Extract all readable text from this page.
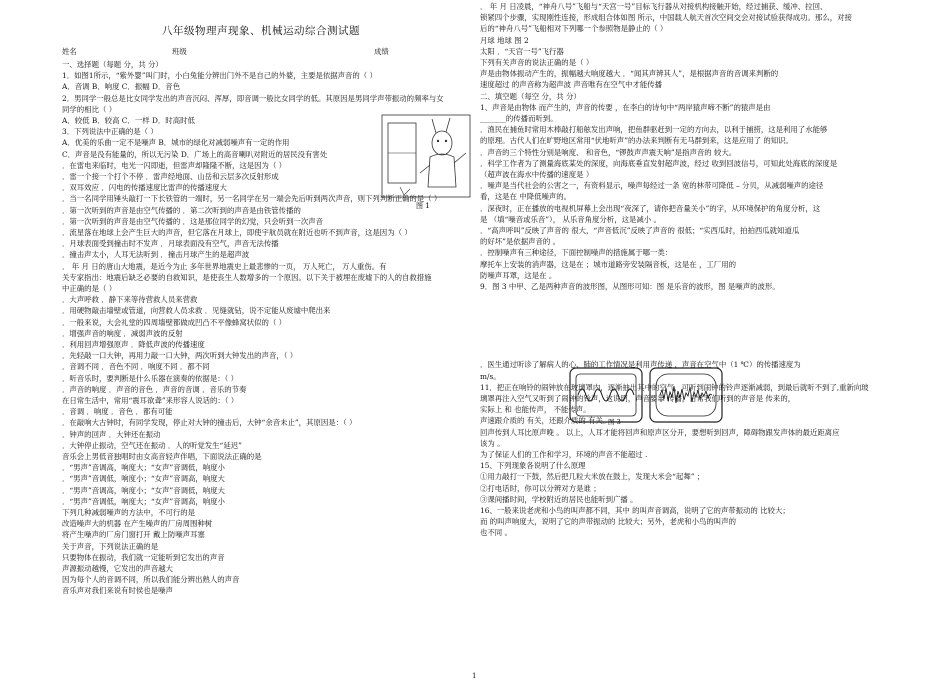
八年级物理声现象、机械运动综合测试题
姓名	班级	成绩
一、选择题（每题 分，共 分）
1．如图1所示，“紫外婴”叫门时，小白兔能分辨出门外不是自己的外婆，主要是依据声音的（ ）
A．音调 B．响度 C．振幅 D．音色
2．男同学一般总是比女同学发出的声音沉闷、浑厚，即音调一般比女同学的低。其原因是男同学声带振动的频率与女
同学的相比（ ）
A．较低 B．较高 C．一样 D．时高时低
3．下列说法中正确的是（ ）
A．优美的乐曲一定不是噪声 B．城市的绿化对减弱噪声有一定的作用
C．声音是没有能量的，所以无污染 D．广场上的高音喇叭对附近的居民没有害处
．在雷电来临时，电光一闪即逝，但雷声却隆隆不断，这是因为（ ）
．雷一个接一个打个不停 ．雷声经地面、山岳和云层多次反射形成
．双耳效应 ．闪电的传播速度比雷声的传播速度大
．当一名同学用锤头敲打一下长铁管的一端时，另一名同学在另一端会先后听到两次声音，则下列判断正确的是（ ）
．第一次听到的声音是由空气传播的 ．第二次听到的声音是由铁管传播的
．第一次听到的声音是由空气传播的 ．这是那位同学的幻觉，只会听到一次声音
．流星落在地球上会产生巨大的声音，但它落在月球上，即使宇航员就在附近也听不到声音，这是因为（ ）
．月球表面受到撞击时不发声 ．月球表面没有空气，声音无法传播
．撞击声太小，人耳无法听到 ．撞击月球产生的是超声波
． 年 月 日的唐山大地震，是近今为止 多年世界地震史上最悲惨的一页， 万人死亡， 万人重伤。有
关专家指出：地震后缺乏必要的自救知识，是使丧生人数增多的一个原因。以下关于被埋在废墟下的人的自救措施
中正确的是（ ）
．大声呼救 ．静下来等待营救人员来营救
．用硬物敲击墙壁或管道，向营救人员求救 ．见缝就钻，说不定能从废墟中爬出来
．一般来说，大会礼堂的四周墙壁都做成凹凸不平像蜂窝状似的（ ）
．增强声音的响度 ．减弱声波的反射
．利用回声增强原声 ．降低声波的传播速度
．先轻敲一口大钟，再用力敲一口大钟，两次听到大钟发出的声音，（ ）
．音调不同 ．音色不同 ．响度不同 ．都不同
．听音乐时，要判断是什么乐器在演奏的依据是：（ ）
．声音的响度 ．声音的音色 ．声音的音调 ．音乐的节奏
在日常生活中，常用“震耳欲聋”来形容人说话的：（ ）
．音调 ．响度 ．音色 ．都有可能
．在敲响大古钟时，有同学发现，停止对大钟的撞击后，大钟“余音未止”，其原因是：（ ）
．钟声的回声 ．大钟还在振动
．大钟停止振动，空气还在振动 ．人的听觉发生“延迟”
音乐会上男低音独唱时由女高音轻声伴唱，下面说法正确的是
．“男声”音调高，响度大；“女声”音调低，响度小
．“男声”音调低，响度小；“女声”音调高，响度大
．“男声”音调高，响度小；“女声”音调低，响度大
．“男声”音调低，响度大；“女声”音调高，响度小
下列几种减弱噪声的方法中，不可行的是
改造噪声大的机器 在产生噪声的厂房周围种树
将产生噪声的厂房门窗打开 戴上防噪声耳塞
关于声音，下列说法正确的是
只要物体在振动，我们就一定能听到它发出的声音
声源振动越慢，它发出的声音越大
因为每个人的音调不同，所以我们能分辨出熟人的声音
音乐声对我们来说有时侯也是噪声
图 1
． 年 月 日凌晨，“神舟八号”飞船与“天宫一号”目标飞行器从对接机构接触开始，经过捕获、缓冲、拉回、
锁紧四个步骤，实现刚性连接，形成组合体如图 所示，中国载人航天首次空间交会对接试验获得成功。那么，对接
后的“神舟八号”飞船相对下列哪一个参照物是静止的（ ）
月球 地球 图 2
太阳 ．“天宫一号”飞行器
下列有关声音的说法正确的是（ ）
声是由物体振动产生的，振幅越大响度越大 ．“闻其声辨其人”，是根据声音的音调来判断的
速度超过 的声音称为超声波 声音唯有在空气中才能传播
二、填空题（每空 分，共 分）
1、声音是由物体 而产生的，声音的传要 ，在李白的诗句中“两岸猿声啼不断”的猿声是由
_______的传播而听到。
．渔民在捕鱼时常用木棒敲打船舷发出声响，把鱼群驱赶到一定的方向去，以利于捕捞，这是利用了水能够
的原理。古代人们在旷野地区常用“伏地听声”的办法来判断有无马群到来，这是应用了 的知识。
．声音的三个特性分别是响度、 和音色，“锣鼓声声震天响”是指声音的 较大。
．科学工作者为了测量海底某处的深度，向海底垂直发射超声波，经过 收到回波信号，可知此处海底的深度是
（超声波在海水中传播的速度是 ）
．噪声是当代社会的公害之一，有资料显示，噪声每经过一条 宽的林带可降低 – 分贝，从减弱噪声的途径
看，这是在 中降低噪声的。
．深夜时，正在播放的电视机屏幕上会出现“夜深了，请你把音量关小”的字，从环境保护的角度分析，这
是 （填“噪音或乐音”）， 从乐音角度分析，这是减小 。
．“高声呼叫”反映了声音的 很大，“声音低沉”反映了声音的 很低；“实西瓜时，拍拍西瓜就知道瓜
的好坏”是依据声音的 。
．控制噪声有三种途径，下面控制噪声的措施属于哪一类：
摩托车上安装的消声器，这是在 ；城市道路旁安装隔音板，这是在 ，工厂用的
防噪声耳罩，这是在 。
9．图 3 中甲、乙是两种声音的波形图，从图形可知：图 是乐音的波形，图 是噪声的波形。
．医生通过听诊了解病人的心、肺的工作情况是利用声传递 ，声音在空气中（1 ℃）的传播速度为
m/s。
11．把正在响铃的闹钟放在玻璃罩内，逐渐抽出其中的空气，可听到闹钟的铃声逐渐减弱，到最后就听不到了,重新向玻
璃罩再注入空气又听到了闹钟的铃声，这说明，声音要靠 传播，日常我们听到的声音是 传来的，
实际上 和 也能传声， 不能传声。
声速跟介质的 有关，还跟介质的 有关。
回声传到人耳比原声晚 。 以上，人耳才能将回声和原声区分开，要想听到回声，障碍物跟发声体的最近距离应
该为 。
为了保证人们的工作和学习，环境的声音不能超过 .
15、下列现象各说明了什么原理
①用力敲打一下鼓，然后把几粒大米放在鼓上，发现大米会“起舞” ；
②打电话时，你可以分辨对方是谁 ；
③课间播时间，学校附近的居民也能听到广播 。
16、一般来说老虎和小鸟的叫声都不同，其中 的叫声音调高，说明了它的声带振动的 比较大；
而 的叫声响度大，说明了它的声带振动的 比较大；另外，老虎和小鸟的叫声的
也不同 。
图 3
1
